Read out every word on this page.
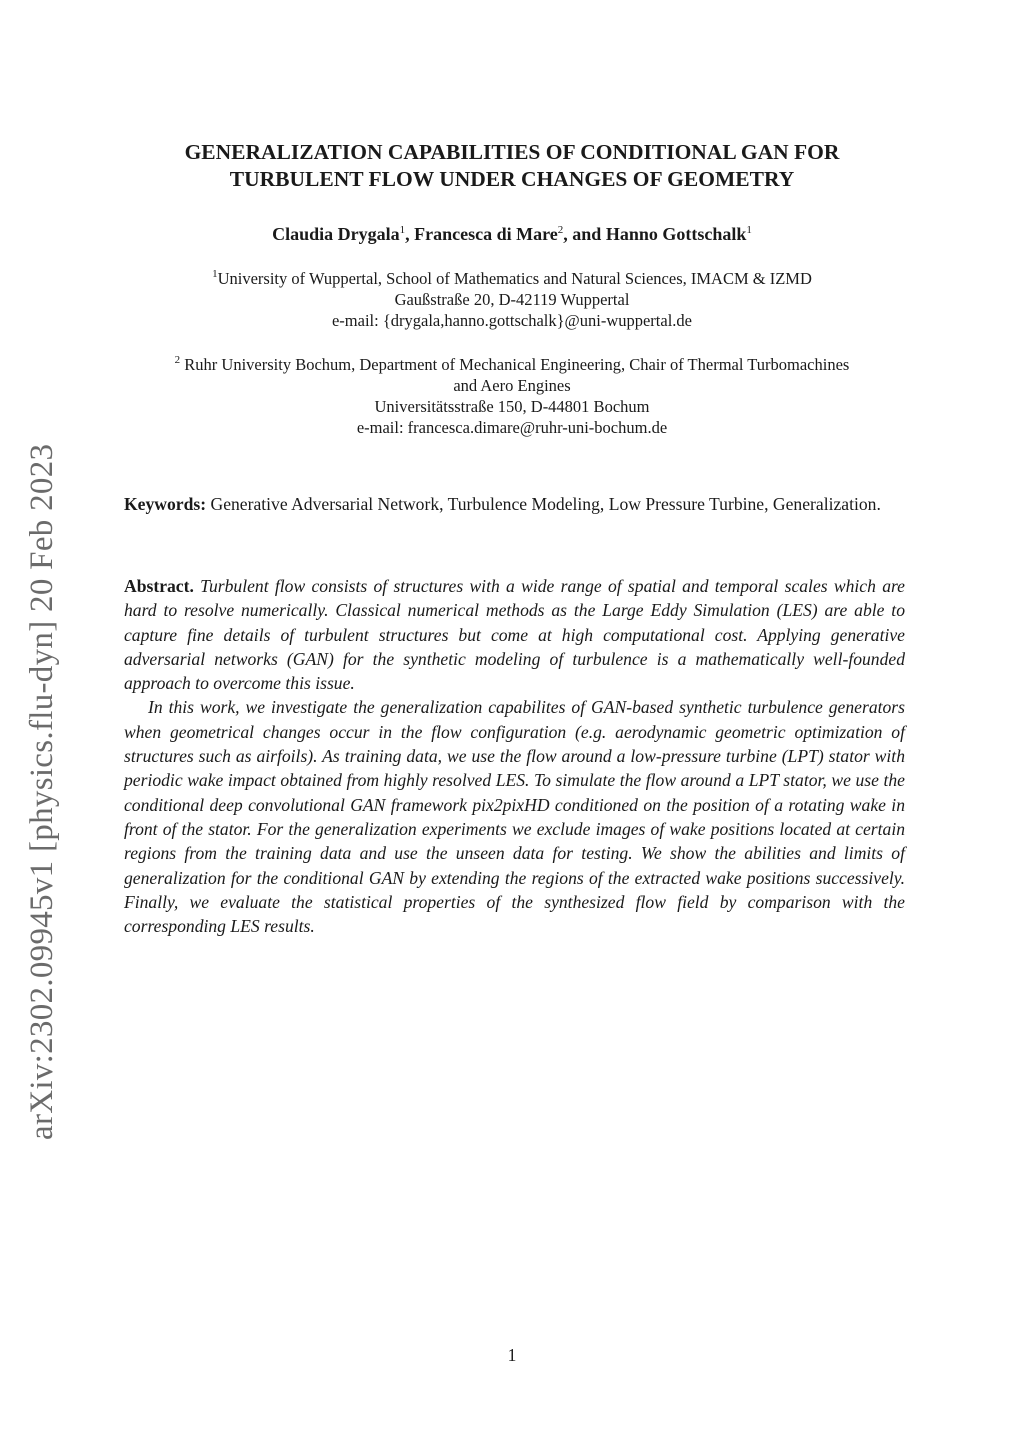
arXiv:2302.09945v1 [physics.flu-dyn] 20 Feb 2023
GENERALIZATION CAPABILITIES OF CONDITIONAL GAN FOR
TURBULENT FLOW UNDER CHANGES OF GEOMETRY
Claudia Drygala$^1$, Francesca di Mare$^2$, and Hanno Gottschalk$^1$
$^1$University of Wuppertal, School of Mathematics and Natural Sciences, IMACM & IZMD
Gaußstraße 20, D-42119 Wuppertal
e-mail: {drygala,hanno.gottschalk}@uni-wuppertal.de
$^2$ Ruhr University Bochum, Department of Mechanical Engineering, Chair of Thermal Turbomachines
and Aero Engines
Universitätsstraße 150, D-44801 Bochum
e-mail: francesca.dimare@ruhr-uni-bochum.de
Keywords: Generative Adversarial Network, Turbulence Modeling, Low Pressure Turbine, Generalization.

Abstract. Turbulent flow consists of structures with a wide range of spatial and temporal scales which are hard to resolve numerically. Classical numerical methods as the Large Eddy Simulation (LES) are able to capture fine details of turbulent structures but come at high computational cost. Applying generative adversarial networks (GAN) for the synthetic modeling of turbulence is a mathematically well-founded approach to overcome this issue.

In this work, we investigate the generalization capabilites of GAN-based synthetic turbulence generators when geometrical changes occur in the flow configuration (e.g. aerodynamic geometric optimization of structures such as airfoils). As training data, we use the flow around a low-pressure turbine (LPT) stator with periodic wake impact obtained from highly resolved LES. To simulate the flow around a LPT stator, we use the conditional deep convolutional GAN framework pix2pixHD conditioned on the position of a rotating wake in front of the stator. For the generalization experiments we exclude images of wake positions located at certain regions from the training data and use the unseen data for testing. We show the abilities and limits of generalization for the conditional GAN by extending the regions of the extracted wake positions successively. Finally, we evaluate the statistical properties of the synthesized flow field by comparison with the corresponding LES results.

1
